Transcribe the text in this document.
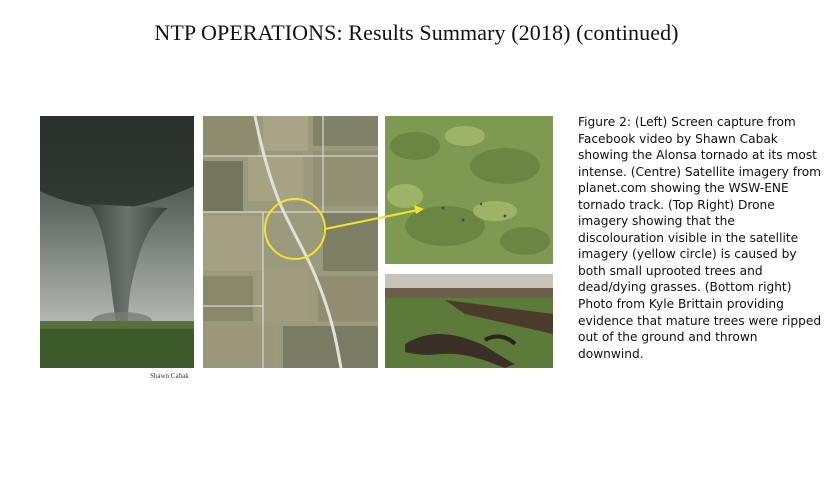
NTP OPERATIONS: Results Summary (2018) (continued)
Shawn Cabak
Figure 2: (Left) Screen capture from Facebook video by Shawn Cabak showing the Alonsa tornado at its most intense. (Centre) Satellite imagery from planet.com showing the WSW-ENE tornado track. (Top Right) Drone imagery showing that the discolouration visible in the satellite imagery (yellow circle) is caused by both small uprooted trees and dead/dying grasses. (Bottom right) Photo from Kyle Brittain providing evidence that mature trees were ripped out of the ground and thrown downwind.
